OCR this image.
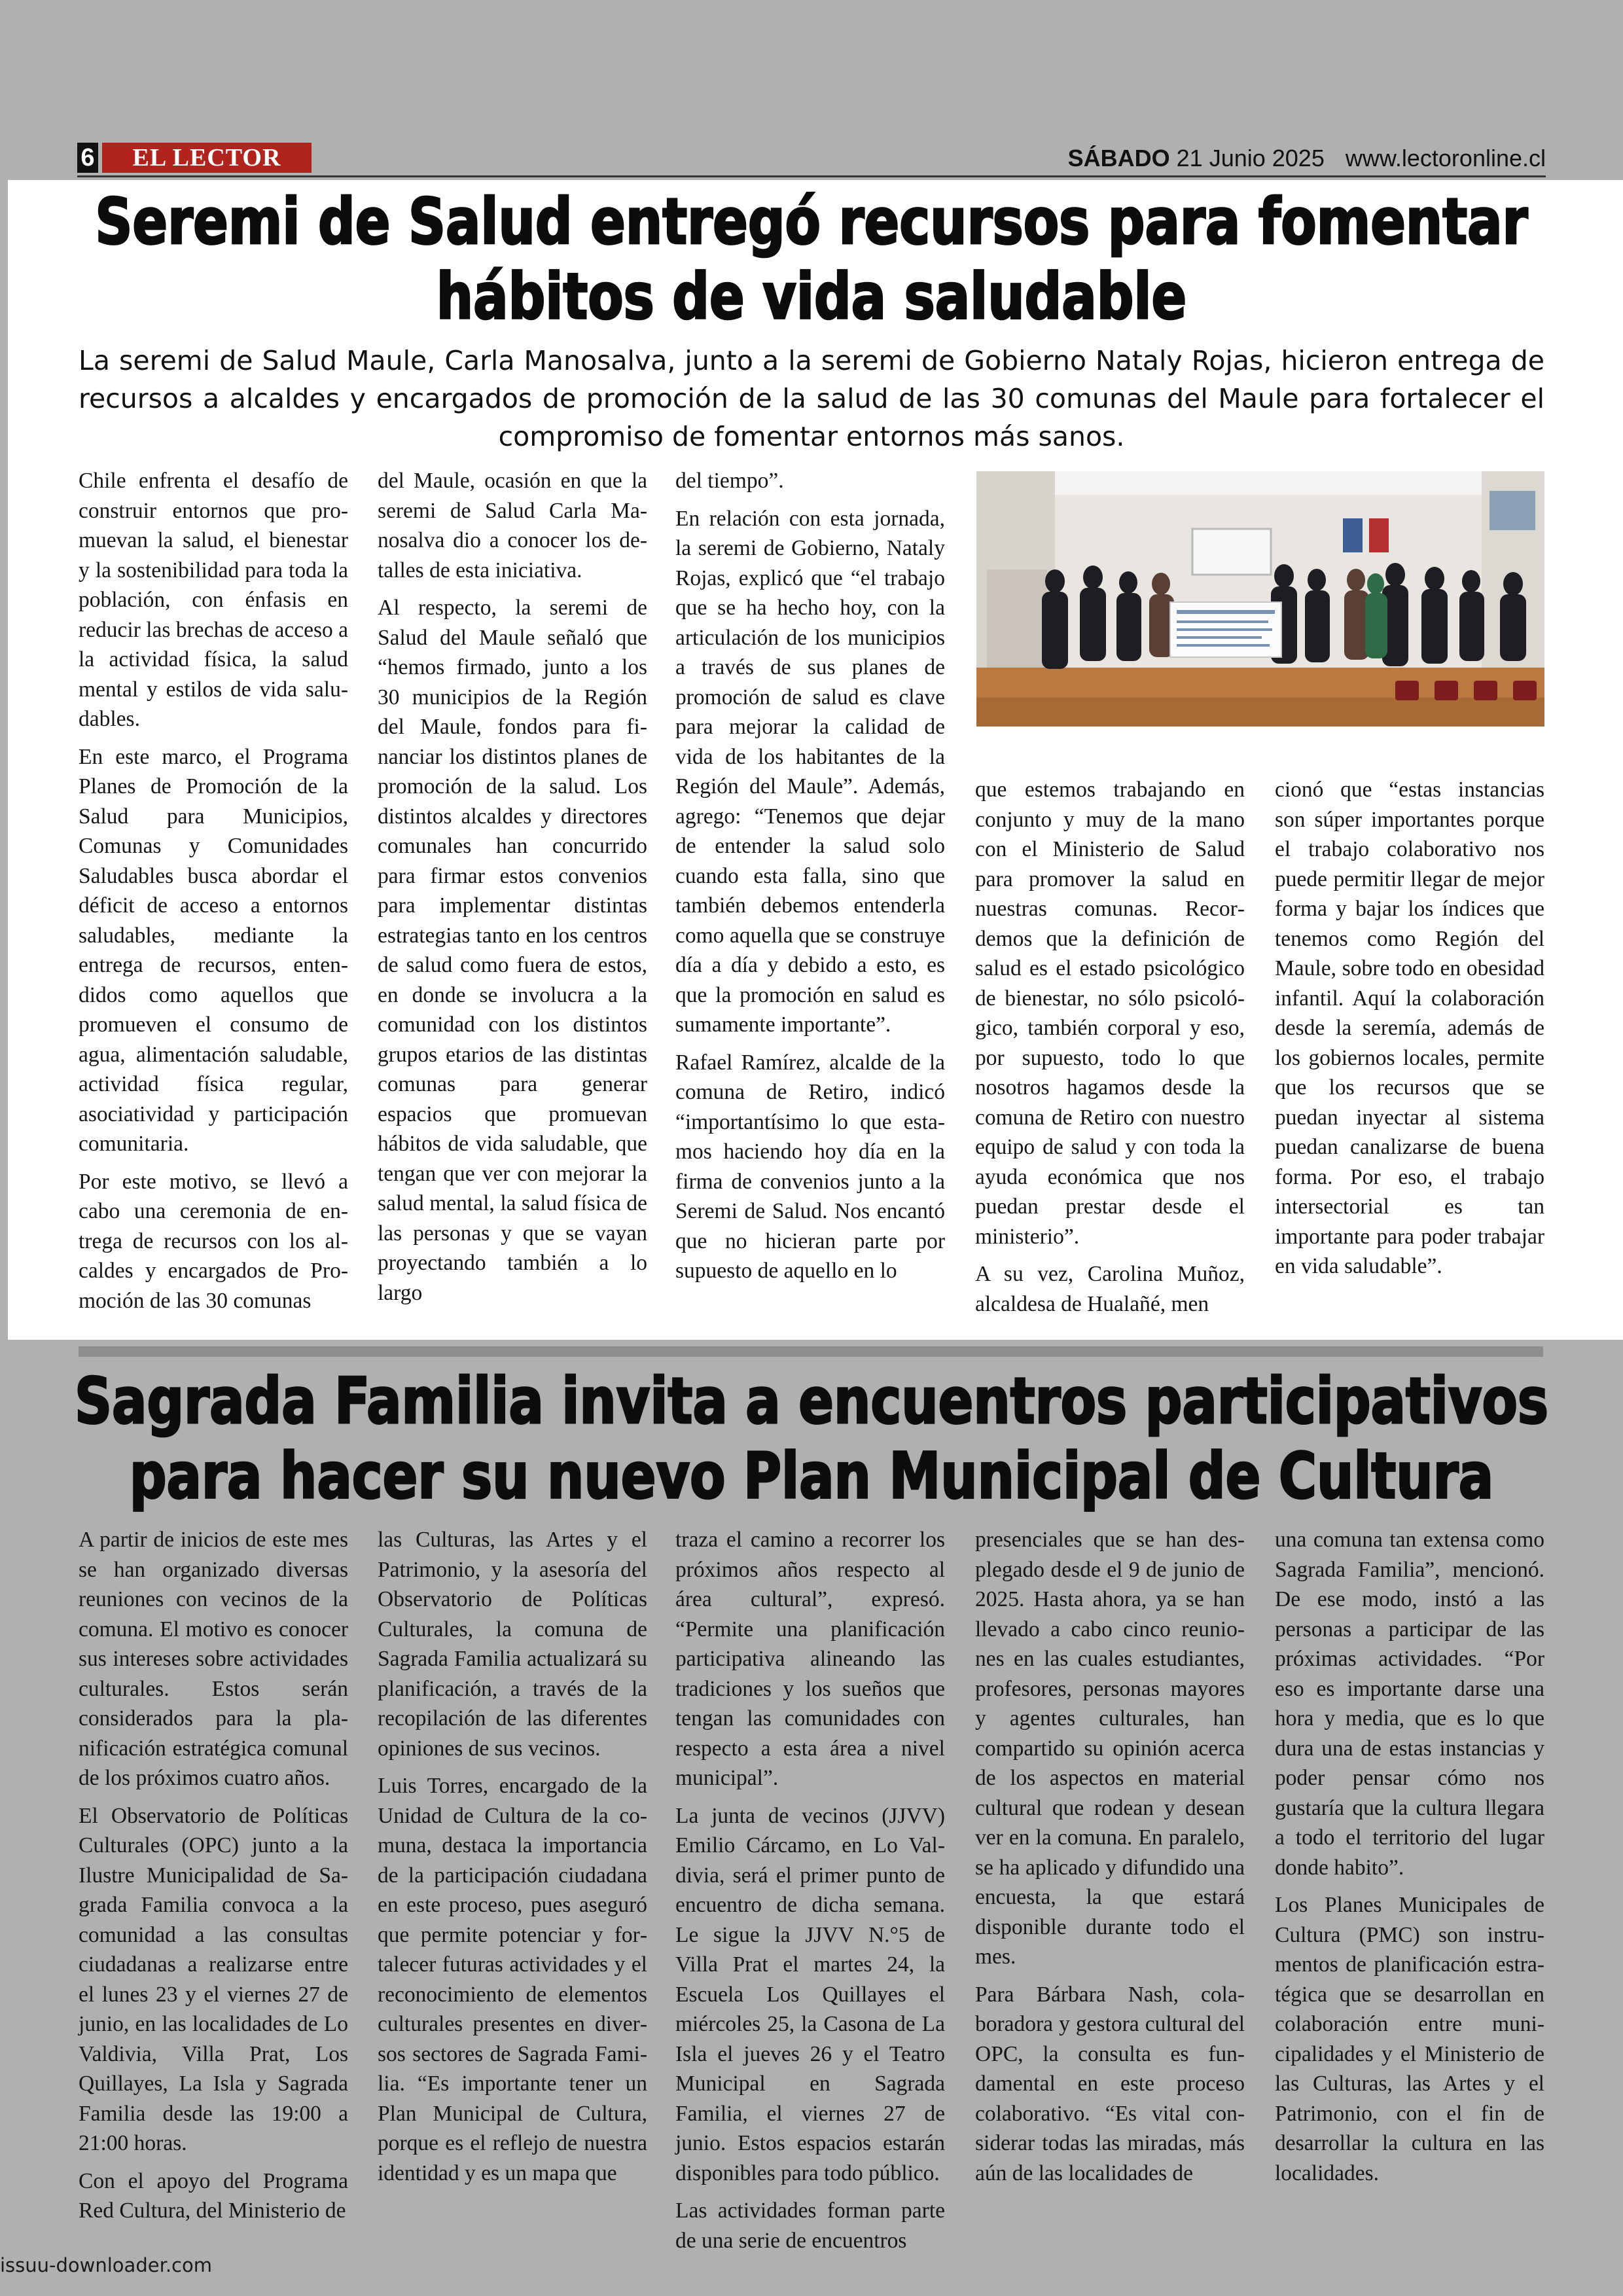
6	EL LECTOR	SÁBADO 21 Junio 2025 www.lectoronline.cl
Seremi de Salud entregó recursos para fomentar hábitos de vida saludable

La seremi de Salud Maule, Carla Manosalva, junto a la seremi de Gobierno Nataly Rojas, hicieron entrega de recursos a alcaldes y encargados de promoción de la salud de las 30 comunas del Maule para fortalecer el compromiso de fomentar entornos más sanos.

Chile enfrenta el desafío de construir entornos que promuevan la salud, el bienestar y la sostenibilidad para toda la población, con énfasis en reducir las brechas de acceso a la actividad física, la salud mental y estilos de vida saludables.

En este marco, el Programa Planes de Promoción de la Salud para Municipios, Comunas y Comunidades Saludables busca abordar el déficit de acceso a entornos saludables, mediante la entrega de recursos, entendidos como aquellos que promueven el consumo de agua, alimentación saludable, actividad física regular, asociatividad y participación comunitaria.

Por este motivo, se llevó a cabo una ceremonia de entrega de recursos con los alcaldes y encargados de Promoción de las 30 comunas

del Maule, ocasión en que la seremi de Salud Carla Manosalva dio a conocer los detalles de esta iniciativa.

Al respecto, la seremi de Salud del Maule señaló que “hemos firmado, junto a los 30 municipios de la Región del Maule, fondos para financiar los distintos planes de promoción de la salud. Los distintos alcaldes y directores comunales han concurrido para firmar estos convenios para implementar distintas estrategias tanto en los centros de salud como fuera de estos, en donde se involucra a la comunidad con los distintos grupos etarios de las distintas comunas para generar espacios que promuevan hábitos de vida saludable, que tengan que ver con mejorar la salud mental, la salud física de las personas y que se vayan proyectando también a lo largo

del tiempo”.

En relación con esta jornada, la seremi de Gobierno, Nataly Rojas, explicó que “el trabajo que se ha hecho hoy, con la articulación de los municipios a través de sus planes de promoción de salud es clave para mejorar la calidad de vida de los habitantes de la Región del Maule”. Además, agrego: “Tenemos que dejar de entender la salud solo cuando esta falla, sino que también debemos entenderla como aquella que se construye día a día y debido a esto, es que la promoción en salud es sumamente importante”.

Rafael Ramírez, alcalde de la comuna de Retiro, indicó “importantísimo lo que estamos haciendo hoy día en la firma de convenios junto a la Seremi de Salud. Nos encantó que no hicieran parte por supuesto de aquello en lo

que estemos trabajando en conjunto y muy de la mano con el Ministerio de Salud para promover la salud en nuestras comunas. Recordemos que la definición de salud es el estado psicológico de bienestar, no sólo psicológico, también corporal y eso, por supuesto, todo lo que nosotros hagamos desde la comuna de Retiro con nuestro equipo de salud y con toda la ayuda económica que nos puedan prestar desde el ministerio”.

A su vez, Carolina Muñoz, alcaldesa de Hualañé, men

cionó que “estas instancias son súper importantes porque el trabajo colaborativo nos puede permitir llegar de mejor forma y bajar los índices que tenemos como Región del Maule, sobre todo en obesidad infantil. Aquí la colaboración desde la seremía, además de los gobiernos locales, permite que los recursos que se puedan inyectar al sistema puedan canalizarse de buena forma. Por eso, el trabajo intersectorial es tan importante para poder trabajar en vida saludable”.

Sagrada Familia invita a encuentros participativos para hacer su nuevo Plan Municipal de Cultura

A partir de inicios de este mes se han organizado diversas reuniones con vecinos de la comuna. El motivo es conocer sus intereses sobre actividades culturales. Estos serán considerados para la planificación estratégica comunal de los próximos cuatro años.

El Observatorio de Políticas Culturales (OPC) junto a la Ilustre Municipalidad de Sagrada Familia convoca a la comunidad a las consultas ciudadanas a realizarse entre el lunes 23 y el viernes 27 de junio, en las localidades de Lo Valdivia, Villa Prat, Los Quillayes, La Isla y Sagrada Familia desde las 19:00 a 21:00 horas.

Con el apoyo del Programa Red Cultura, del Ministerio de

las Culturas, las Artes y el Patrimonio, y la asesoría del Observatorio de Políticas Culturales, la comuna de Sagrada Familia actualizará su planificación, a través de la recopilación de las diferentes opiniones de sus vecinos.

Luis Torres, encargado de la Unidad de Cultura de la comuna, destaca la importancia de la participación ciudadana en este proceso, pues aseguró que permite potenciar y fortalecer futuras actividades y el reconocimiento de elementos culturales presentes en diversos sectores de Sagrada Familia. “Es importante tener un Plan Municipal de Cultura, porque es el reflejo de nuestra identidad y es un mapa que

traza el camino a recorrer los próximos años respecto al área cultural”, expresó. “Permite una planificación participativa alineando las tradiciones y los sueños que tengan las comunidades con respecto a esta área a nivel municipal”.

La junta de vecinos (JJVV) Emilio Cárcamo, en Lo Valdivia, será el primer punto de encuentro de dicha semana. Le sigue la JJVV N.°5 de Villa Prat el martes 24, la Escuela Los Quillayes el miércoles 25, la Casona de La Isla el jueves 26 y el Teatro Municipal en Sagrada Familia, el viernes 27 de junio. Estos espacios estarán disponibles para todo público.

Las actividades forman parte de una serie de encuentros

presenciales que se han desplegado desde el 9 de junio de 2025. Hasta ahora, ya se han llevado a cabo cinco reuniones en las cuales estudiantes, profesores, personas mayores y agentes culturales, han compartido su opinión acerca de los aspectos en material cultural que rodean y desean ver en la comuna. En paralelo, se ha aplicado y difundido una encuesta, la que estará disponible durante todo el mes.

Para Bárbara Nash, colaboradora y gestora cultural del OPC, la consulta es fundamental en este proceso colaborativo. “Es vital considerar todas las miradas, más aún de las localidades de

una comuna tan extensa como Sagrada Familia”, mencionó. De ese modo, instó a las personas a participar de las próximas actividades. “Por eso es importante darse una hora y media, que es lo que dura una de estas instancias y poder pensar cómo nos gustaría que la cultura llegara a todo el territorio del lugar donde habito”.

Los Planes Municipales de Cultura (PMC) son instrumentos de planificación estratégica que se desarrollan en colaboración entre municipalidades y el Ministerio de las Culturas, las Artes y el Patrimonio, con el fin de desarrollar la cultura en las localidades.

issuu-downloader.com
